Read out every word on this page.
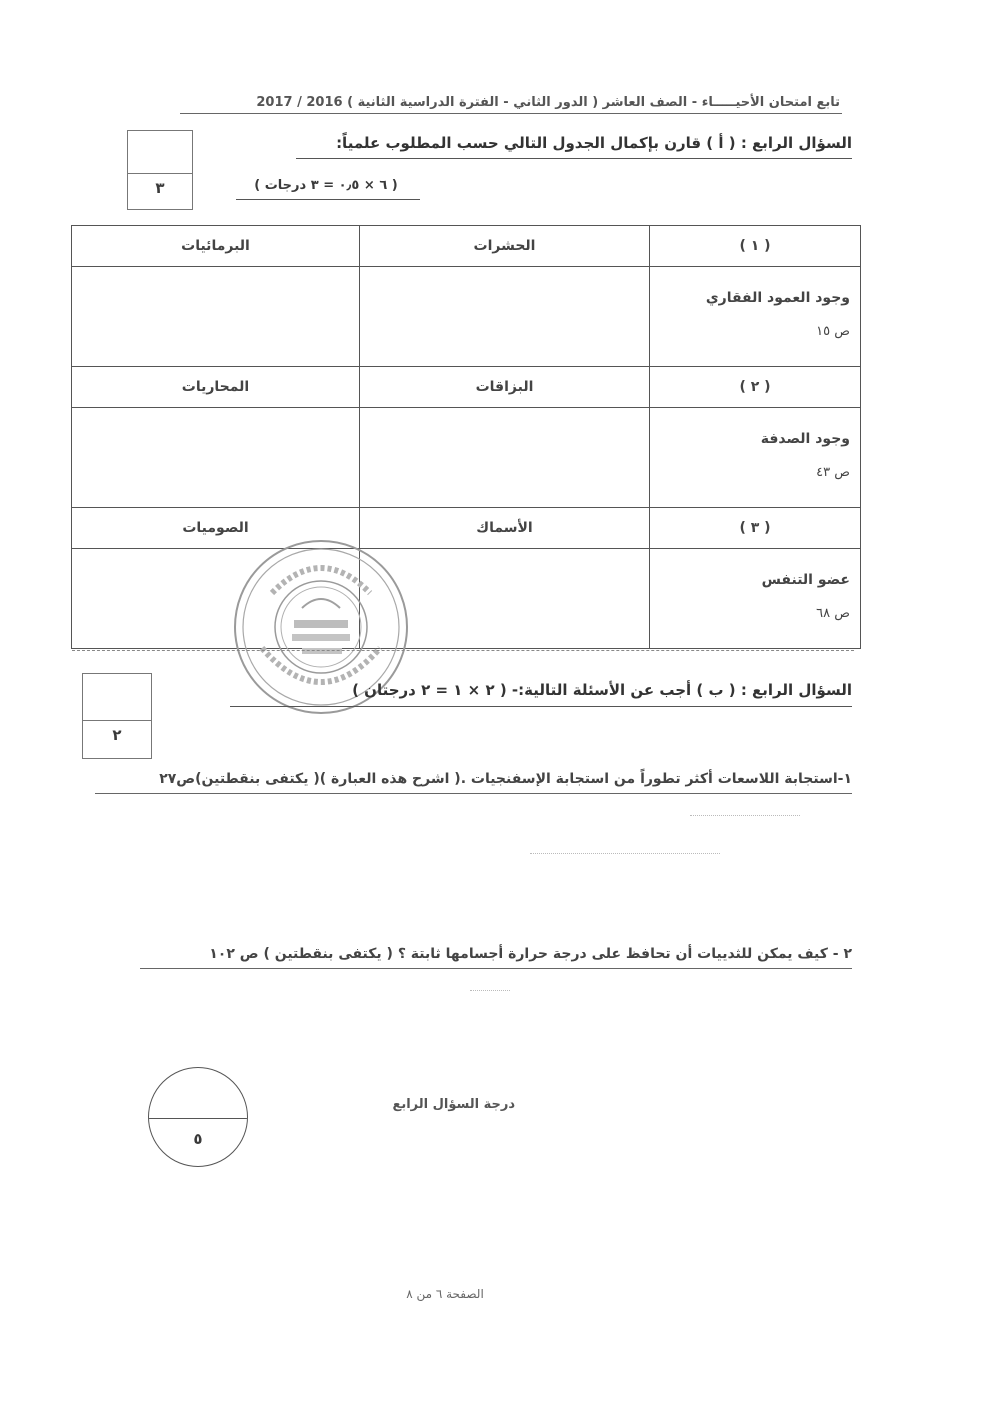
تابع امتحان الأحيـــــاء - الصف العاشر ( الدور الثاني - الفترة الدراسية الثانية ) 2016 / 2017
السؤال الرابع : ( أ ) قارن بإكمال الجدول التالي حسب المطلوب علمياً:
( ٦ × ٠٫٥ = ٣ درجات )
٣
( ١ )	الحشرات	البرمائيات

وجود العمود الفقاري
ص ١٥		

( ٢ )	البزاقات	المحاريات

وجود الصدفة
ص ٤٣		

( ٣ )	الأسماك	الصوميات

عضو التنفس
ص ٦٨		

٢
السؤال الرابع : ( ب ) أجب عن الأسئلة التالية:- ( ٢ × ١ = ٢ درجتان )
١-استجابة اللاسعات أكثر تطوراً من استجابة الإسفنجيات .( اشرح هذه العبارة )( يكتفى بنقطتين)ص٢٧
٢ - كيف يمكن للثدييات أن تحافظ على درجة حرارة أجسامها ثابتة ؟ ( يكتفى بنقطتين ) ص ١٠٢
درجة السؤال الرابع
٥
الصفحة ٦ من ٨
